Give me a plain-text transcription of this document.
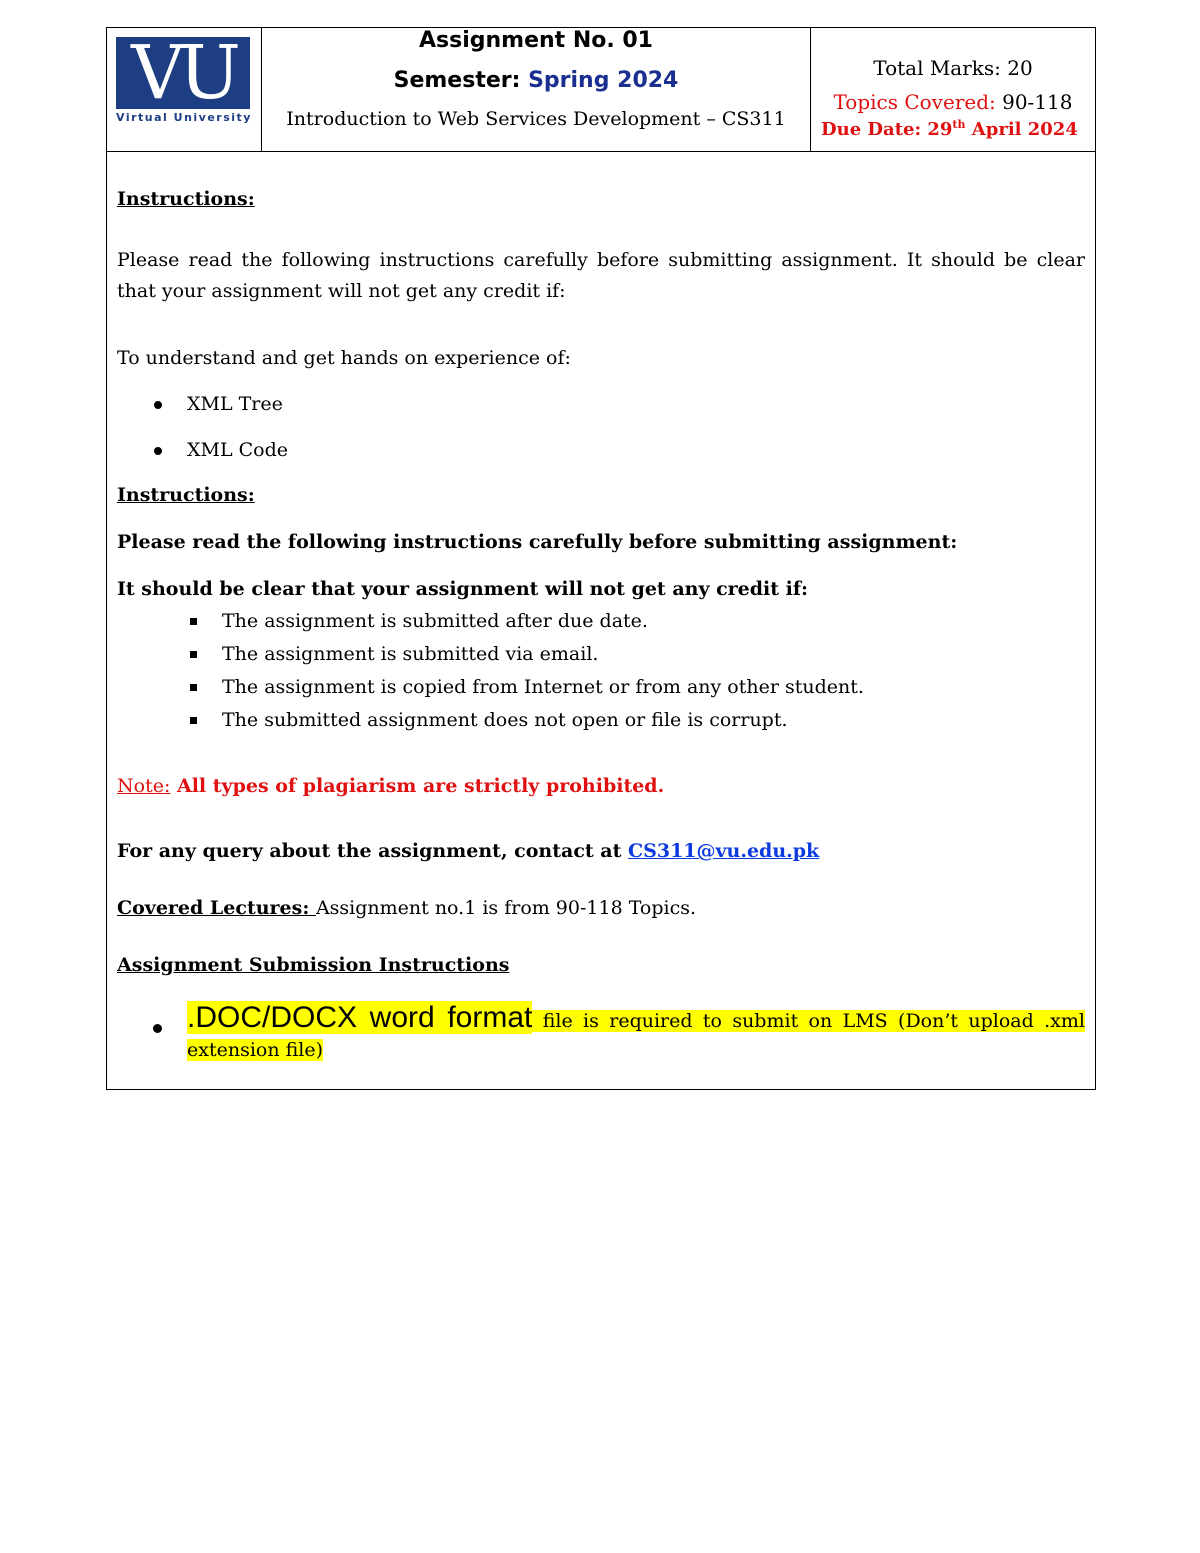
VU
Virtual University
Assignment No. 01
Semester: Spring 2024
Introduction to Web Services Development – CS311
Total Marks: 20
Topics Covered: 90-118
Due Date: 29th April 2024

Instructions:

Please read the following instructions carefully before submitting assignment. It should be clear that your assignment will not get any credit if:

To understand and get hands on experience of:

XML Tree
XML Code

Instructions:

Please read the following instructions carefully before submitting assignment:

It should be clear that your assignment will not get any credit if:

The assignment is submitted after due date.
The assignment is submitted via email.
The assignment is copied from Internet or from any other student.
The submitted assignment does not open or file is corrupt.

Note: All types of plagiarism are strictly prohibited.

For any query about the assignment, contact at CS311@vu.edu.pk

Covered Lectures: Assignment no.1 is from 90-118 Topics.

Assignment Submission Instructions

.DOC/DOCX word format file is required to submit on LMS (Don’t upload .xml extension file)
